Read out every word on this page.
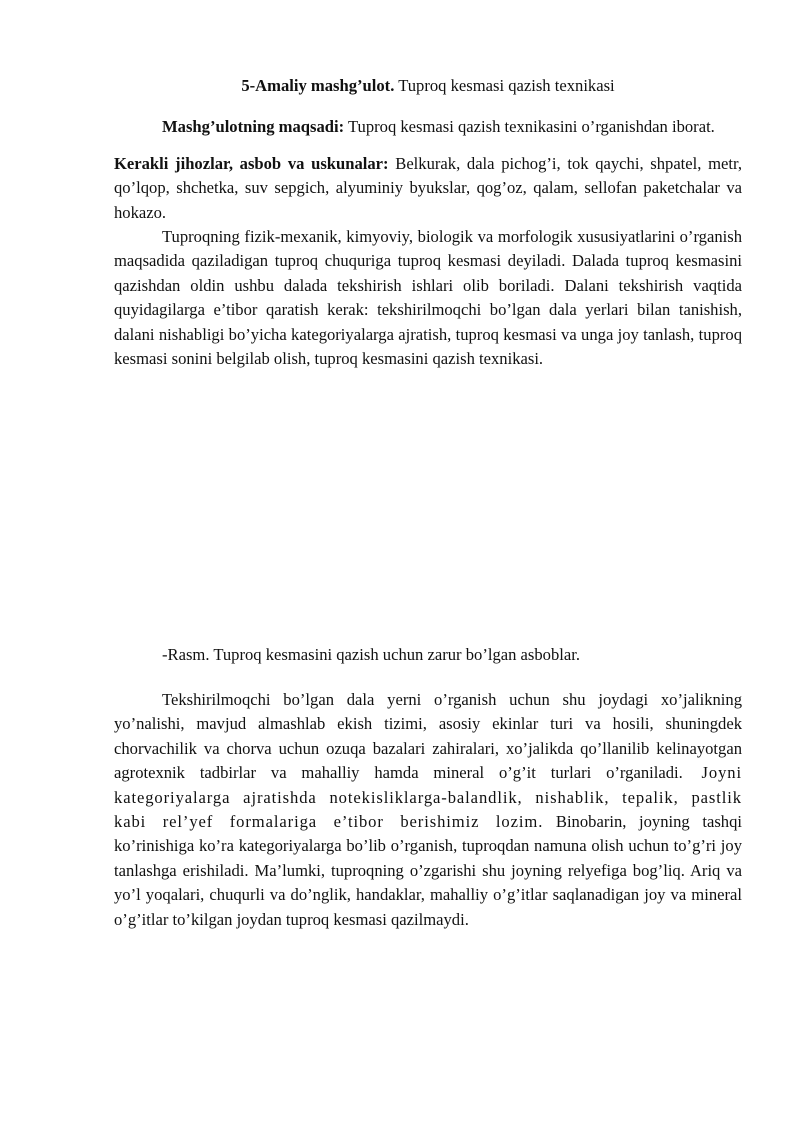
5-Amaliy mashg’ulot. Tuproq kesmasi qazish texnikasi

Mashg’ulotning maqsadi: Tuproq kesmasi qazish texnikasini o’rganishdan iborat.

Kerakli jihozlar, asbob va uskunalar: Belkurak, dala pichog’i, tok qaychi, shpatel, metr, qo’lqop, shchetka, suv sepgich, alyuminiy byukslar, qog’oz, qalam, sellofan paketchalar va hokazo.

Tuproqning fizik-mexanik, kimyoviy, biologik va morfologik xususiyatlarini o’rganish maqsadida qaziladigan tuproq chuquriga tuproq kesmasi deyiladi. Dalada tuproq kesmasini qazishdan oldin ushbu dalada tekshirish ishlari olib boriladi. Dalani tekshirish vaqtida quyidagilarga e’tibor qaratish kerak: tekshirilmoqchi bo’lgan dala yerlari bilan tanishish, dalani nishabligi bo’yicha kategoriyalarga ajratish, tuproq kesmasi va unga joy tanlash, tuproq kesmasi sonini belgilab olish, tuproq kesmasini qazish texnikasi.

-Rasm. Tuproq kesmasini qazish uchun zarur bo’lgan asboblar.

Tekshirilmoqchi bo’lgan dala yerni o’rganish uchun shu joydagi xo’jalikning yo’nalishi, mavjud almashlab ekish tizimi, asosiy ekinlar turi va hosili, shuningdek chorvachilik va chorva uchun ozuqa bazalari zahiralari, xo’jalikda qo’llanilib kelinayotgan agrotexnik tadbirlar va mahalliy hamda mineral o’g’it turlari o’rganiladi. Joyni kategoriyalarga ajratishda notekisliklarga-balandlik, nishablik, tepalik, pastlik kabi rel’yef formalariga e’tibor berishimiz lozim. Binobarin, joyning tashqi ko’rinishiga ko’ra kategoriyalarga bo’lib o’rganish, tuproqdan namuna olish uchun to’g’ri joy tanlashga erishiladi. Ma’lumki, tuproqning o’zgarishi shu joyning relyefiga bog’liq. Ariq va yo’l yoqalari, chuqurli va do’nglik, handaklar, mahalliy o’g’itlar saqlanadigan joy va mineral o’g’itlar to’kilgan joydan tuproq kesmasi qazilmaydi.
